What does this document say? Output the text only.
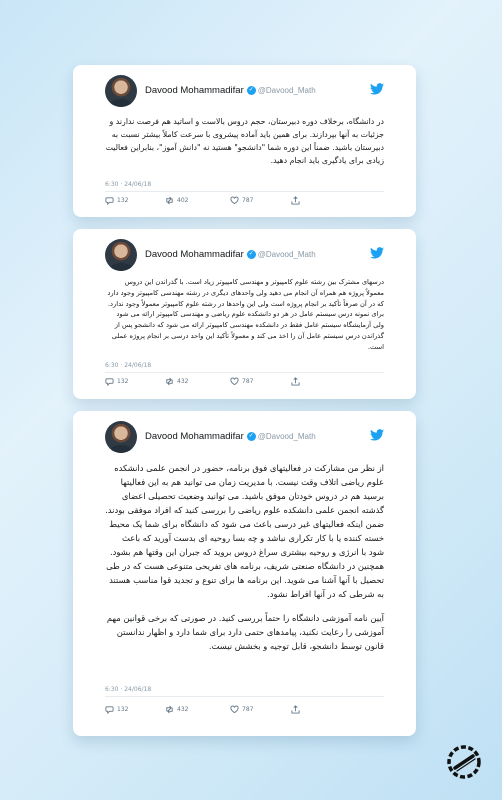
Davood Mohammadifar ✓ @Davood_Math
در دانشگاه، برخلاف دوره دبیرستان، حجم دروس بالاست و اساتید هم فرصت ندارند و جزئیات به آنها بپردازند. برای همین باید آماده پیشروی با سرعت کاملاً بیشتر نسبت به دبیرستان باشید. ضمناً این دوره شما "دانشجو" هستید نه "دانش آموز"، بنابراین فعالیت زیادی برای یادگیری باید انجام دهید.
6:30 · 24/06/18
132	402	787
Davood Mohammadifar ✓ @Davood_Math
درسهای مشترک بین رشته علوم کامپیوتر و مهندسی کامپیوتر زیاد است. با گذراندن این دروس معمولاً پروژه هم همراه آن انجام می دهید ولی واحدهای دیگری در رشته مهندسی کامپیوتر وجود دارد که در آن صرفاً تأکید بر انجام پروژه است ولی این واحدها در رشته علوم کامپیوتر معمولاً وجود ندارد. برای نمونه درس سیستم عامل در هر دو دانشکده علوم ریاضی و مهندسی کامپیوتر ارائه می شود ولی آزمایشگاه سیستم عامل فقط در دانشکده مهندسی کامپیوتر ارائه می شود که دانشجو پس از گذراندن درس سیستم عامل آن را اخذ می کند و معمولاً تأکید این واحد درسی بر انجام پروژه عملی است.
6:30 · 24/06/18
132	432	787
Davood Mohammadifar ✓ @Davood_Math

از نظر من مشارکت در فعالیتهای فوق برنامه، حضور در انجمن علمی دانشکده علوم ریاضی اتلاف وقت نیست. با مدیریت زمان می توانید هم به این فعالیتها برسید هم در دروس خودتان موفق باشید. می توانید وضعیت تحصیلی اعضای گذشته انجمن علمی دانشکده علوم ریاضی را بررسی کنید که افراد موفقی بودند. ضمن اینکه فعالیتهای غیر درسی باعث می شود که دانشگاه برای شما یک محیط خسته کننده یا با کار تکراری نباشد و چه بسا روحیه ای بدست آورید که باعث شود با انرژی و روحیه بیشتری سراغ دروس بروید که جبران این وقتها هم بشود. همچنین در دانشگاه صنعتی شریف، برنامه های تفریحی متنوعی هست که در طی تحصیل با آنها آشنا می شوید. این برنامه ها برای تنوع و تجدید قوا مناسب هستند به شرطی که در آنها افراط نشود.

آیین نامه آموزشی دانشگاه را حتماً بررسی کنید. در صورتی که برخی قوانین مهم آموزشی را رعایت نکنید، پیامدهای حتمی دارد برای شما دارد و اظهار ندانستن قانون توسط دانشجو، قابل توجیه و بخشش نیست.

6:30 · 24/06/18
132	432	787
